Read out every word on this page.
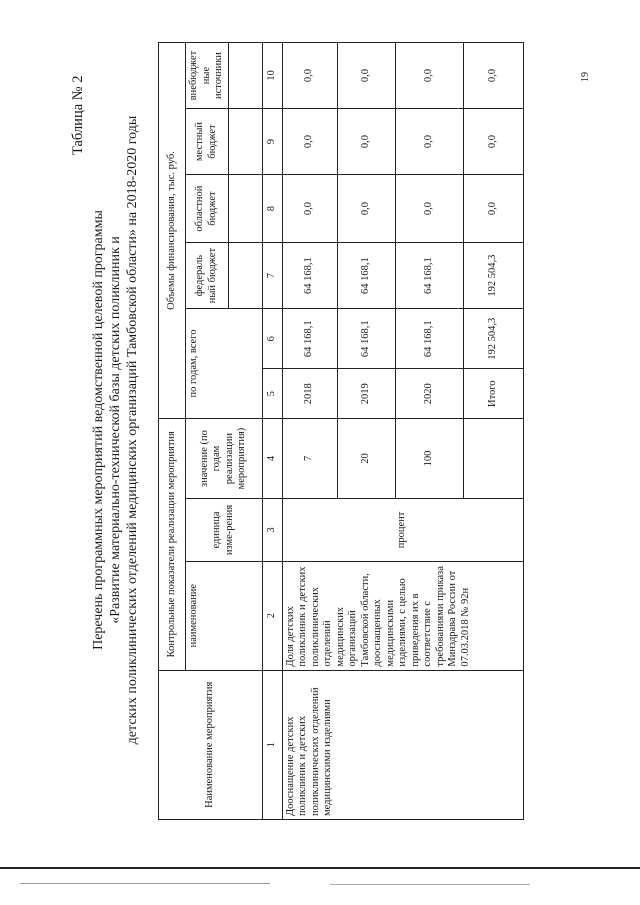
Таблица № 2
Перечень программных мероприятий ведомственной целевой программы «Развитие материально-технической базы детских поликлиник и детских поликлинических отделений медицинских организаций Тамбовской области» на 2018-2020 годы
19
Наименование мероприятия	Контрольные показатели реализации мероприятия			Объемы финансирования, тыс. руб.					
	наименование	единица изме-рения	значение (по годам реализации мероприятия)	по годам, всего		федераль ный бюджет	областной бюджет	местный бюджет	внебюджет ные источники

1	2	3	4	5	6	7	8	9	10
Дооснащение детских поликлиник и детских поликлинических отделений медицинскими изделиями	Доля детских поликлиник и детских поликлинических отделений медицинских организаций Тамбовской области, дооснащенных медицинскими изделиями, с целью приведения их в соответствие с требованиями приказа Минздрава России от 07.03.2018 № 92н	процент	7	2018	64 168,1	64 168,1	0,0	0,0	0,0
			20	2019	64 168,1	64 168,1	0,0	0,0	0,0
			100	2020	64 168,1	64 168,1	0,0	0,0	0,0
				Итого	192 504,3	192 504,3	0,0	0,0	0,0
